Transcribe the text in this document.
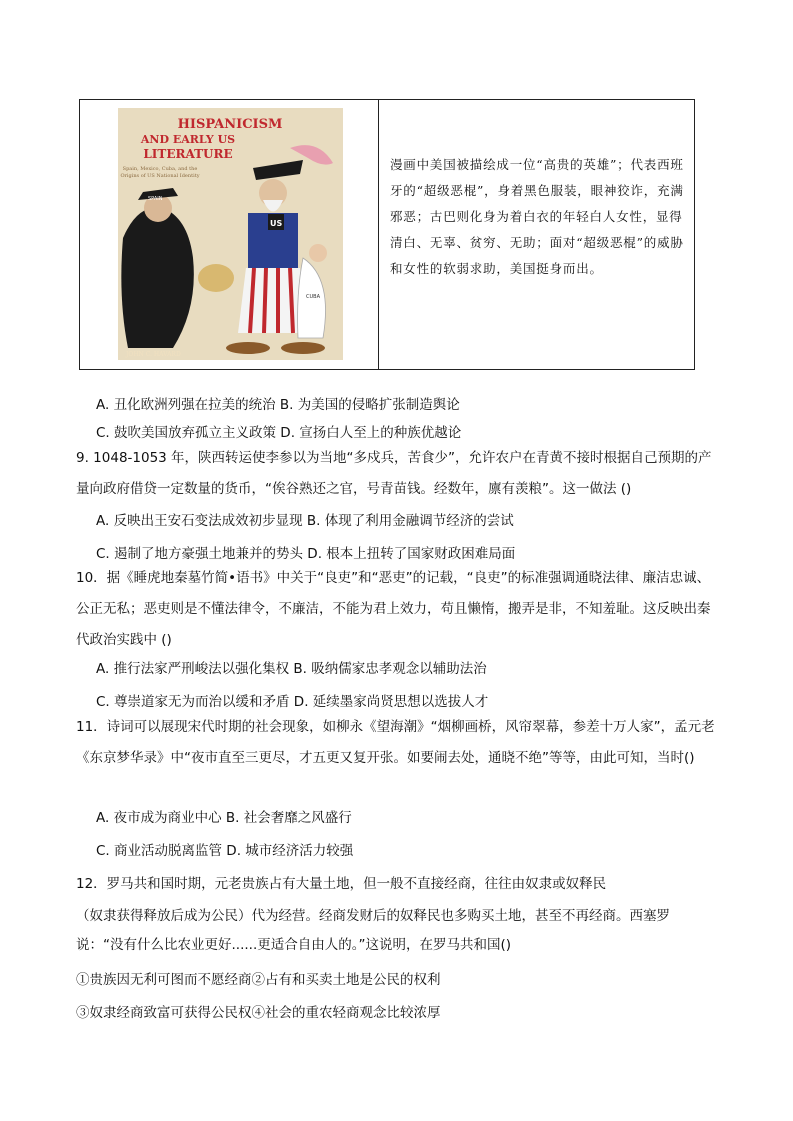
HISPANICISM
AND EARLY US
LITERATURE
Spain, Mexico, Cuba, and the
Origins of US National Identity
SPAIN
US
CUBA
JOHN C. HAVARD
漫画中美国被描绘成一位“高贵的英雄”；代表西班牙的“超级恶棍”，身着黑色服装，眼神狡诈，充满邪恶；古巴则化身为着白衣的年轻白人女性，显得清白、无辜、贫穷、无助；面对“超级恶棍”的威胁和女性的软弱求助，美国挺身而出。
A. 丑化欧洲列强在拉美的统治 B. 为美国的侵略扩张制造舆论
C. 鼓吹美国放弃孤立主义政策 D. 宣扬白人至上的种族优越论
9. 1048-1053 年，陕西转运使李参以为当地“多戍兵，苦食少”，允许农户在青黄不接时根据自己预期的产量向政府借贷一定数量的货币，“俟谷熟还之官，号青苗钱。经数年，廪有羡粮”。这一做法 ()
A. 反映出王安石变法成效初步显现 B. 体现了利用金融调节经济的尝试
C. 遏制了地方豪强土地兼并的势头 D. 根本上扭转了国家财政困难局面
10．据《睡虎地秦墓竹简•语书》中关于“良吏”和“恶吏”的记载，“良吏”的标准强调通晓法律、廉洁忠诚、公正无私；恶吏则是不懂法律令，不廉洁，不能为君上效力，苟且懒惰，搬弄是非，不知羞耻。这反映出秦代政治实践中 ()
A. 推行法家严刑峻法以强化集权 B. 吸纳儒家忠孝观念以辅助法治
C. 尊崇道家无为而治以缓和矛盾 D. 延续墨家尚贤思想以选拔人才
11．诗词可以展现宋代时期的社会现象，如柳永《望海潮》“烟柳画桥，风帘翠幕，参差十万人家”，孟元老《东京梦华录》中“夜市直至三更尽，才五更又复开张。如要闹去处，通晓不绝”等等，由此可知，当时()
A. 夜市成为商业中心 B. 社会奢靡之风盛行
C. 商业活动脱离监管 D. 城市经济活力较强
12．罗马共和国时期，元老贵族占有大量土地，但一般不直接经商，往往由奴隶或奴释民
（奴隶获得释放后成为公民）代为经营。经商发财后的奴释民也多购买土地，甚至不再经商。西塞罗说：“没有什么比农业更好......更适合自由人的。”这说明，在罗马共和国()
①贵族因无利可图而不愿经商②占有和买卖土地是公民的权利
③奴隶经商致富可获得公民权④社会的重农轻商观念比较浓厚
